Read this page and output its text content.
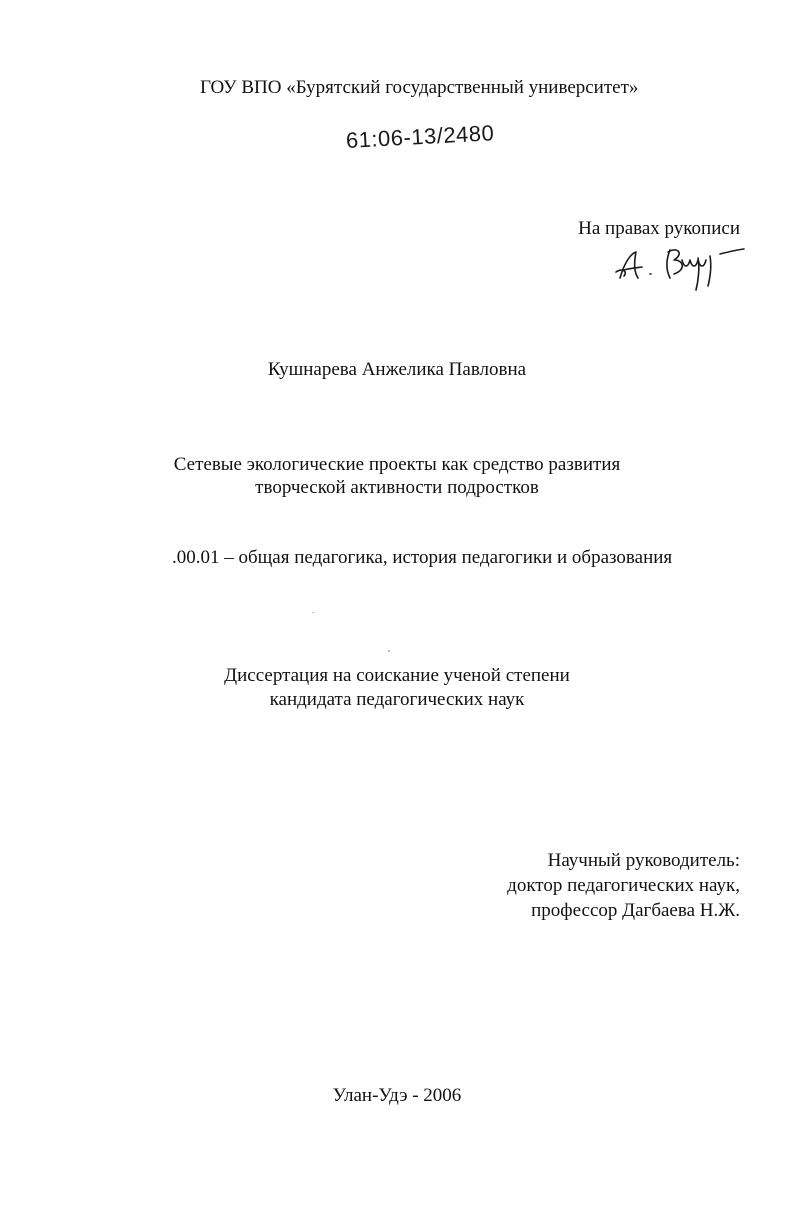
ГОУ ВПО «Бурятский государственный университет»
61:06-13/2480
На правах рукописи
Кушнарева Анжелика Павловна
Сетевые экологические проекты как средство развития
творческой активности подростков
.00.01 – общая педагогика, история педагогики и образования
Диссертация на соискание ученой степени
кандидата педагогических наук
Научный руководитель:
доктор педагогических наук,
профессор Дагбаева Н.Ж.
Улан-Удэ - 2006
